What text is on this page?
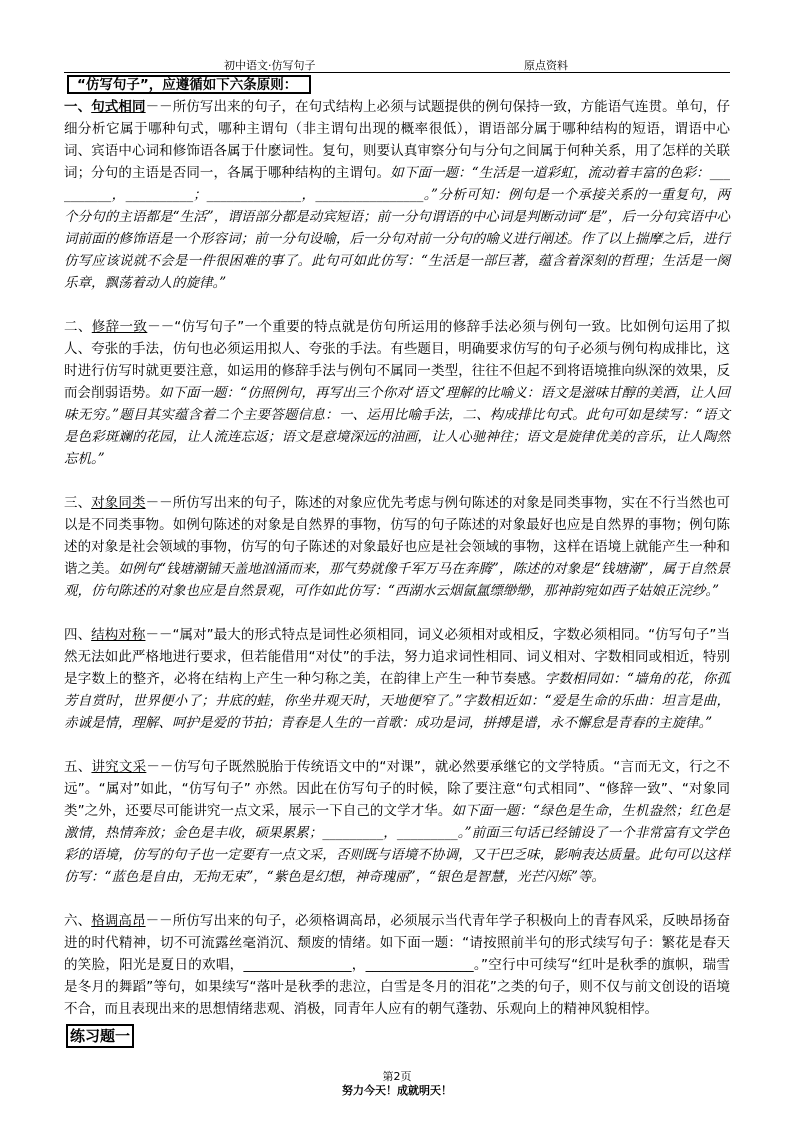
初中语文·仿写句子	原点资料
“仿写句子”，应遵循如下六条原则：

一、句式相同－－所仿写出来的句子，在句式结构上必须与试题提供的例句保持一致，方能语气连贯。单句，仔细分析它属于哪种句式，哪种主谓句（非主谓句出现的概率很低），谓语部分属于哪种结构的短语，谓语中心词、宾语中心词和修饰语各属于什麽词性。复句，则要认真审察分句与分句之间属于何种关系，用了怎样的关联词；分句的主语是否同一，各属于哪种结构的主谓句。如下面一题：“生活是一道彩虹，流动着丰富的色彩：__________，__________；______________，________________。”分析可知：例句是一个承接关系的一重复句，两个分句的主语都是“生活”，谓语部分都是动宾短语；前一分句谓语的中心词是判断动词“是”，后一分句宾语中心词前面的修饰语是一个形容词；前一分句设喻，后一分句对前一分句的喻义进行阐述。作了以上揣摩之后，进行仿写应该说就不会是一件很困难的事了。此句可如此仿写：“生活是一部巨著，蕴含着深刻的哲理；生活是一阕乐章，飘荡着动人的旋律。”

二、修辞一致－－“仿写句子”一个重要的特点就是仿句所运用的修辞手法必须与例句一致。比如例句运用了拟人、夸张的手法，仿句也必须运用拟人、夸张的手法。有些题目，明确要求仿写的句子必须与例句构成排比，这时进行仿写时就更要注意，如运用的修辞手法与例句不属同一类型，往往不但起不到将语境推向纵深的效果，反而会削弱语势。如下面一题：“仿照例句，再写出三个你对‘语文’理解的比喻义：语文是滋味甘醇的美酒，让人回味无穷。”题目其实蕴含着二个主要答题信息：一、运用比喻手法，二、构成排比句式。此句可如是续写：“语文是色彩斑斓的花园，让人流连忘返；语文是意境深远的油画，让人心驰神往；语文是旋律优美的音乐，让人陶然忘机。”

三、对象同类－－所仿写出来的句子，陈述的对象应优先考虑与例句陈述的对象是同类事物，实在不行当然也可以是不同类事物。如例句陈述的对象是自然界的事物，仿写的句子陈述的对象最好也应是自然界的事物；例句陈述的对象是社会领域的事物，仿写的句子陈述的对象最好也应是社会领域的事物，这样在语境上就能产生一种和谐之美。如例句“钱塘潮铺天盖地汹涌而来，那气势就像千军万马在奔腾”，陈述的对象是“钱塘潮”，属于自然景观，仿句陈述的对象也应是自然景观，可作如此仿写：“西湖水云烟氤氲缥缈缈，那神韵宛如西子姑娘正浣纱。”

四、结构对称－－“属对”最大的形式特点是词性必须相同，词义必须相对或相反，字数必须相同。“仿写句子”当然无法如此严格地进行要求，但若能借用“对仗”的手法，努力追求词性相同、词义相对、字数相同或相近，特别是字数上的整齐，必将在结构上产生一种匀称之美，在韵律上产生一种节奏感。字数相同如：“墙角的花，你孤芳自赏时，世界便小了；井底的蛙，你坐井观天时，天地便窄了。”字数相近如：“爱是生命的乐曲：坦言是曲，赤诚是情，理解、呵护是爱的节拍；青春是人生的一首歌：成功是词，拼搏是谱，永不懈怠是青春的主旋律。”

五、讲究文采－－仿写句子既然脱胎于传统语文中的“对课”，就必然要承继它的文学特质。“言而无文，行之不远”。“属对”如此，“仿写句子” 亦然。因此在仿写句子的时候，除了要注意“句式相同”、“修辞一致”、“对象同类”之外，还要尽可能讲究一点文采，展示一下自己的文学才华。如下面一题：“绿色是生命，生机盎然；红色是激情，热情奔放；金色是丰收，硕果累累；_________，_________。”前面三句话已经铺设了一个非常富有文学色彩的语境，仿写的句子也一定要有一点文采，否则既与语境不协调，又干巴乏味，影响表达质量。此句可以这样仿写：“蓝色是自由，无拘无束”，“紫色是幻想，神奇瑰丽”，“银色是智慧，光芒闪烁”等。

六、格调高昂－－所仿写出来的句子，必须格调高昂，必须展示当代青年学子积极向上的青春风采，反映昂扬奋进的时代精神，切不可流露丝毫消沉、颓废的情绪。如下面一题：“请按照前半句的形式续写句子：繁花是春天的笑脸，阳光是夏日的欢唱，________________，________________。”空行中可续写“红叶是秋季的旗帜，瑞雪是冬月的舞蹈”等句，如果续写“落叶是秋季的悲泣，白雪是冬月的泪花”之类的句子，则不仅与前文创设的语境不合，而且表现出来的思想情绪悲观、消极，同青年人应有的朝气蓬勃、乐观向上的精神风貌相悖。

练习题一
第2页
努力今天！成就明天！
